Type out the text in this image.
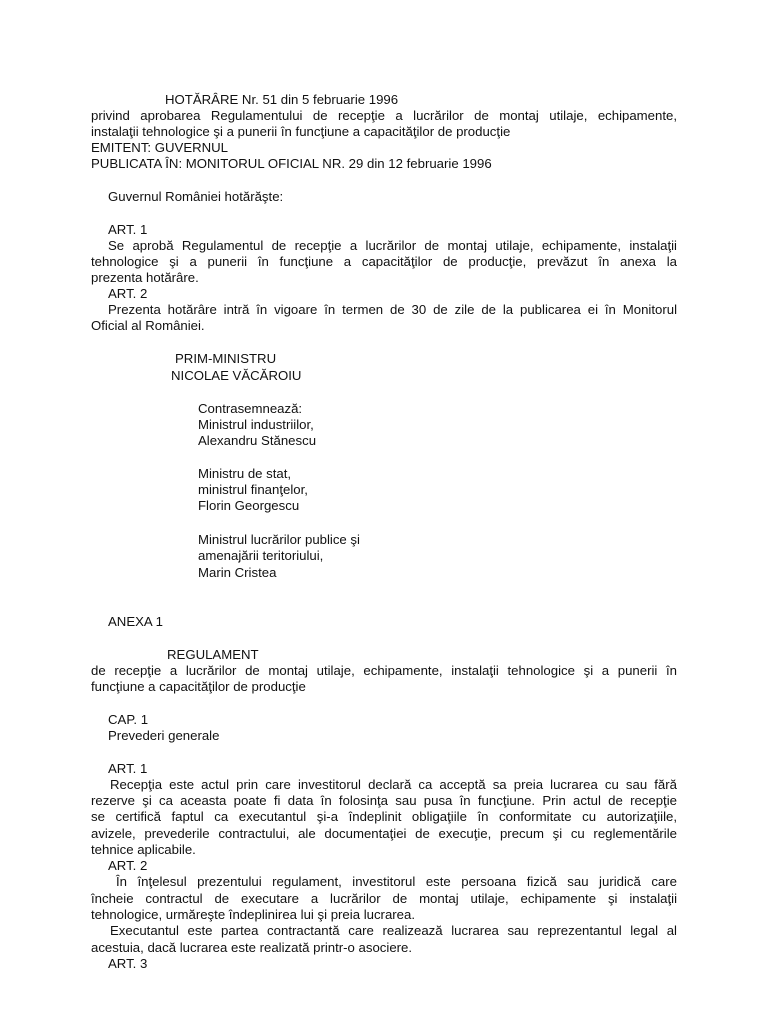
HOTĂRÂRE Nr. 51 din 5 februarie 1996
privind aprobarea Regulamentului de recepţie a lucrărilor de montaj utilaje, echipamente,
instalaţii tehnologice şi a punerii în funcţiune a capacităţilor de producţie
EMITENT: GUVERNUL
PUBLICATA ÎN: MONITORUL OFICIAL NR. 29 din 12 februarie 1996
Guvernul României hotărăşte:
ART. 1
Se aprobă Regulamentul de recepţie a lucrărilor de montaj utilaje, echipamente, instalaţii
tehnologice şi a punerii în funcţiune a capacităţilor de producţie, prevăzut în anexa la
prezenta hotărâre.
ART. 2
Prezenta hotărâre intră în vigoare în termen de 30 de zile de la publicarea ei în Monitorul
Oficial al României.
PRIM-MINISTRU
NICOLAE VĂCĂROIU
Contrasemnează:
Ministrul industriilor,
Alexandru Stănescu
Ministru de stat,
ministrul finanţelor,
Florin Georgescu
Ministrul lucrărilor publice şi
amenajării teritoriului,
Marin Cristea
ANEXA 1
REGULAMENT
de recepţie a lucrărilor de montaj utilaje, echipamente, instalaţii tehnologice şi a punerii în
funcţiune a capacităţilor de producţie
CAP. 1
Prevederi generale
ART. 1
Recepţia este actul prin care investitorul declară ca acceptă sa preia lucrarea cu sau fără
rezerve şi ca aceasta poate fi data în folosinţa sau pusa în funcţiune. Prin actul de recepţie
se certifică faptul ca executantul şi-a îndeplinit obligaţiile în conformitate cu autorizaţiile,
avizele, prevederile contractului, ale documentaţiei de execuţie, precum şi cu reglementările
tehnice aplicabile.
ART. 2
În înţelesul prezentului regulament, investitorul este persoana fizică sau juridică care
încheie contractul de executare a lucrărilor de montaj utilaje, echipamente şi instalaţii
tehnologice, urmăreşte îndeplinirea lui şi preia lucrarea.
Executantul este partea contractantă care realizează lucrarea sau reprezentantul legal al
acestuia, dacă lucrarea este realizată printr-o asociere.
ART. 3
